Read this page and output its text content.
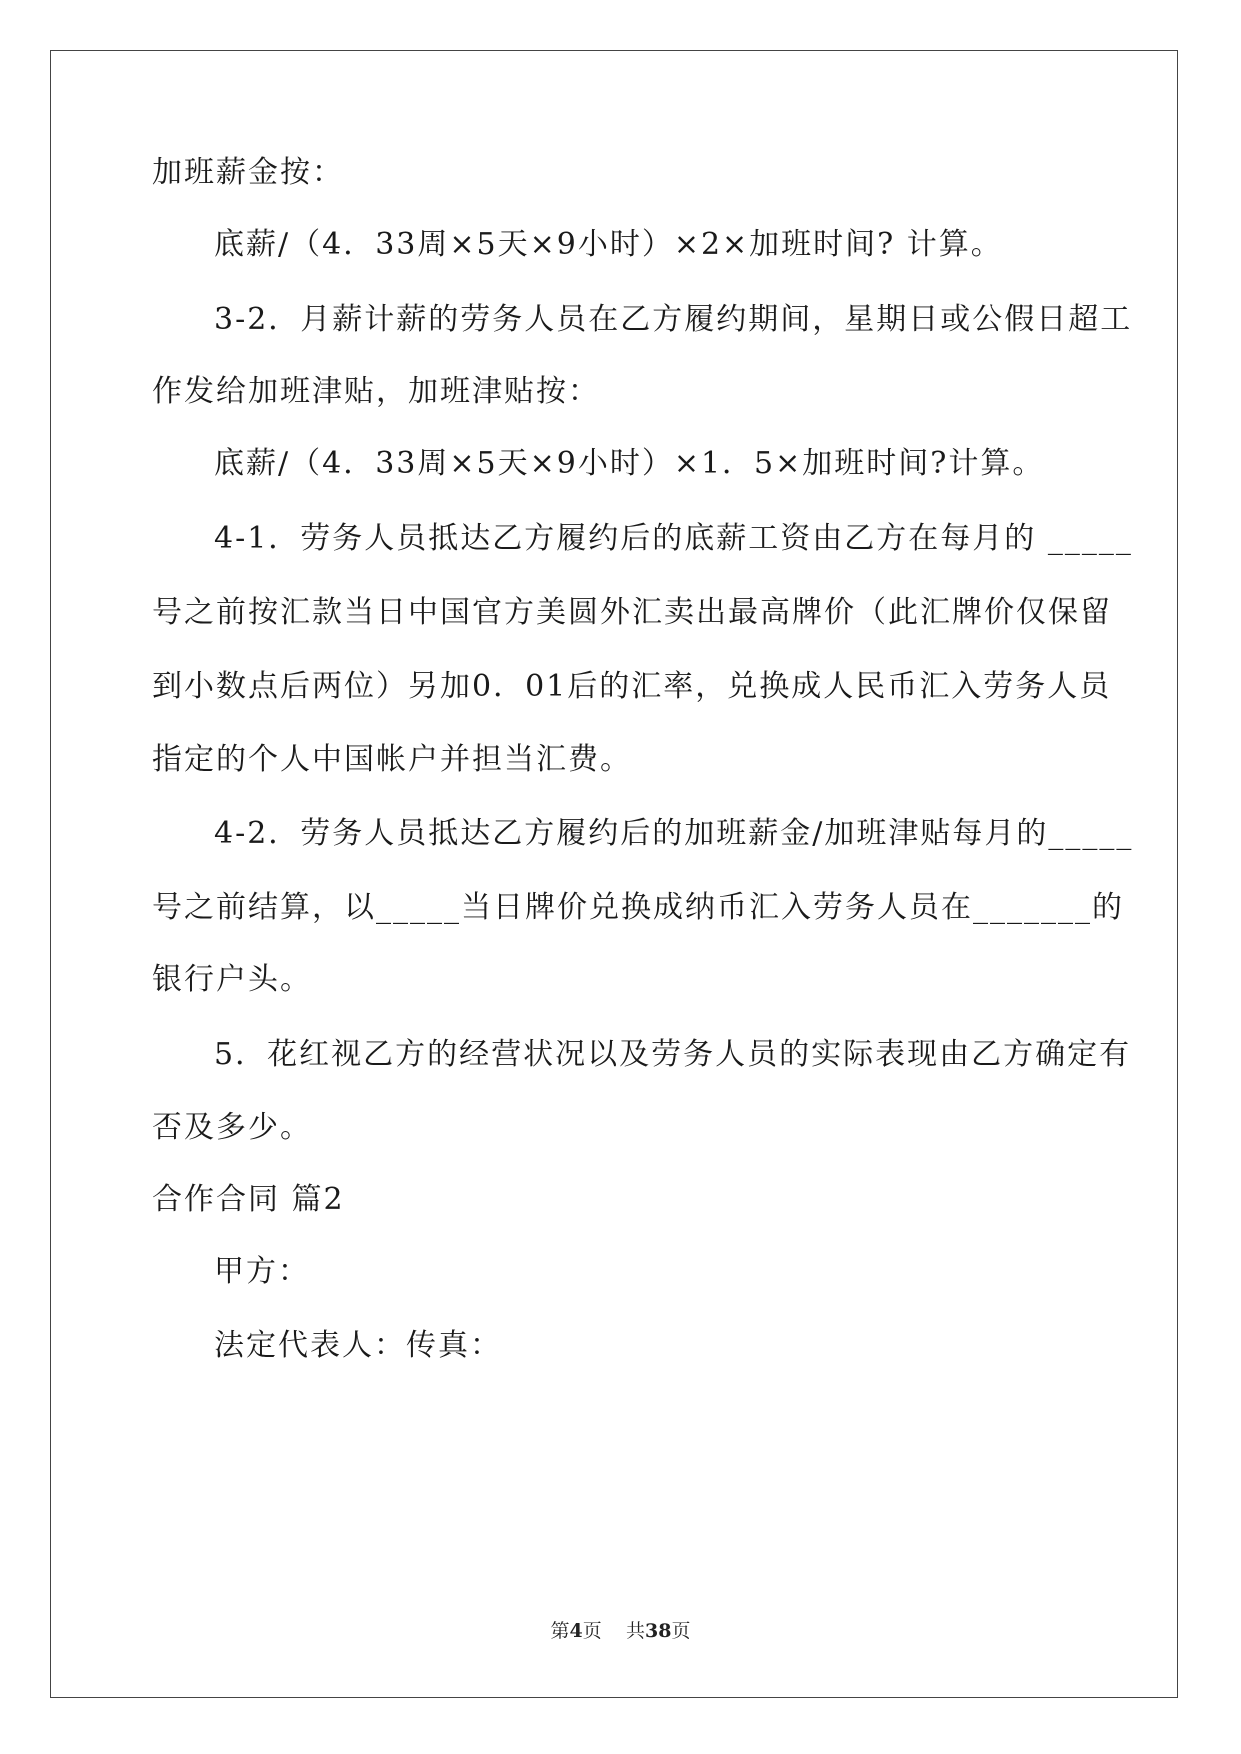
加班薪金按：
底薪/（4．33周×5天×9小时）×2×加班时间? 计算。
3-2．月薪计薪的劳务人员在乙方履约期间，星期日或公假日超工
作发给加班津贴，加班津贴按：
底薪/（4．33周×5天×9小时）×1．5×加班时间?计算。
4-1．劳务人员抵达乙方履约后的底薪工资由乙方在每月的 _____
号之前按汇款当日中国官方美圆外汇卖出最高牌价（此汇牌价仅保留
到小数点后两位）另加0．01后的汇率，兑换成人民币汇入劳务人员
指定的个人中国帐户并担当汇费。
4-2．劳务人员抵达乙方履约后的加班薪金/加班津贴每月的_____
号之前结算，以_____当日牌价兑换成纳币汇入劳务人员在_______的
银行户头。
5．花红视乙方的经营状况以及劳务人员的实际表现由乙方确定有
否及多少。
合作合同 篇2
甲方：
法定代表人：传真：
第4页 共38页
